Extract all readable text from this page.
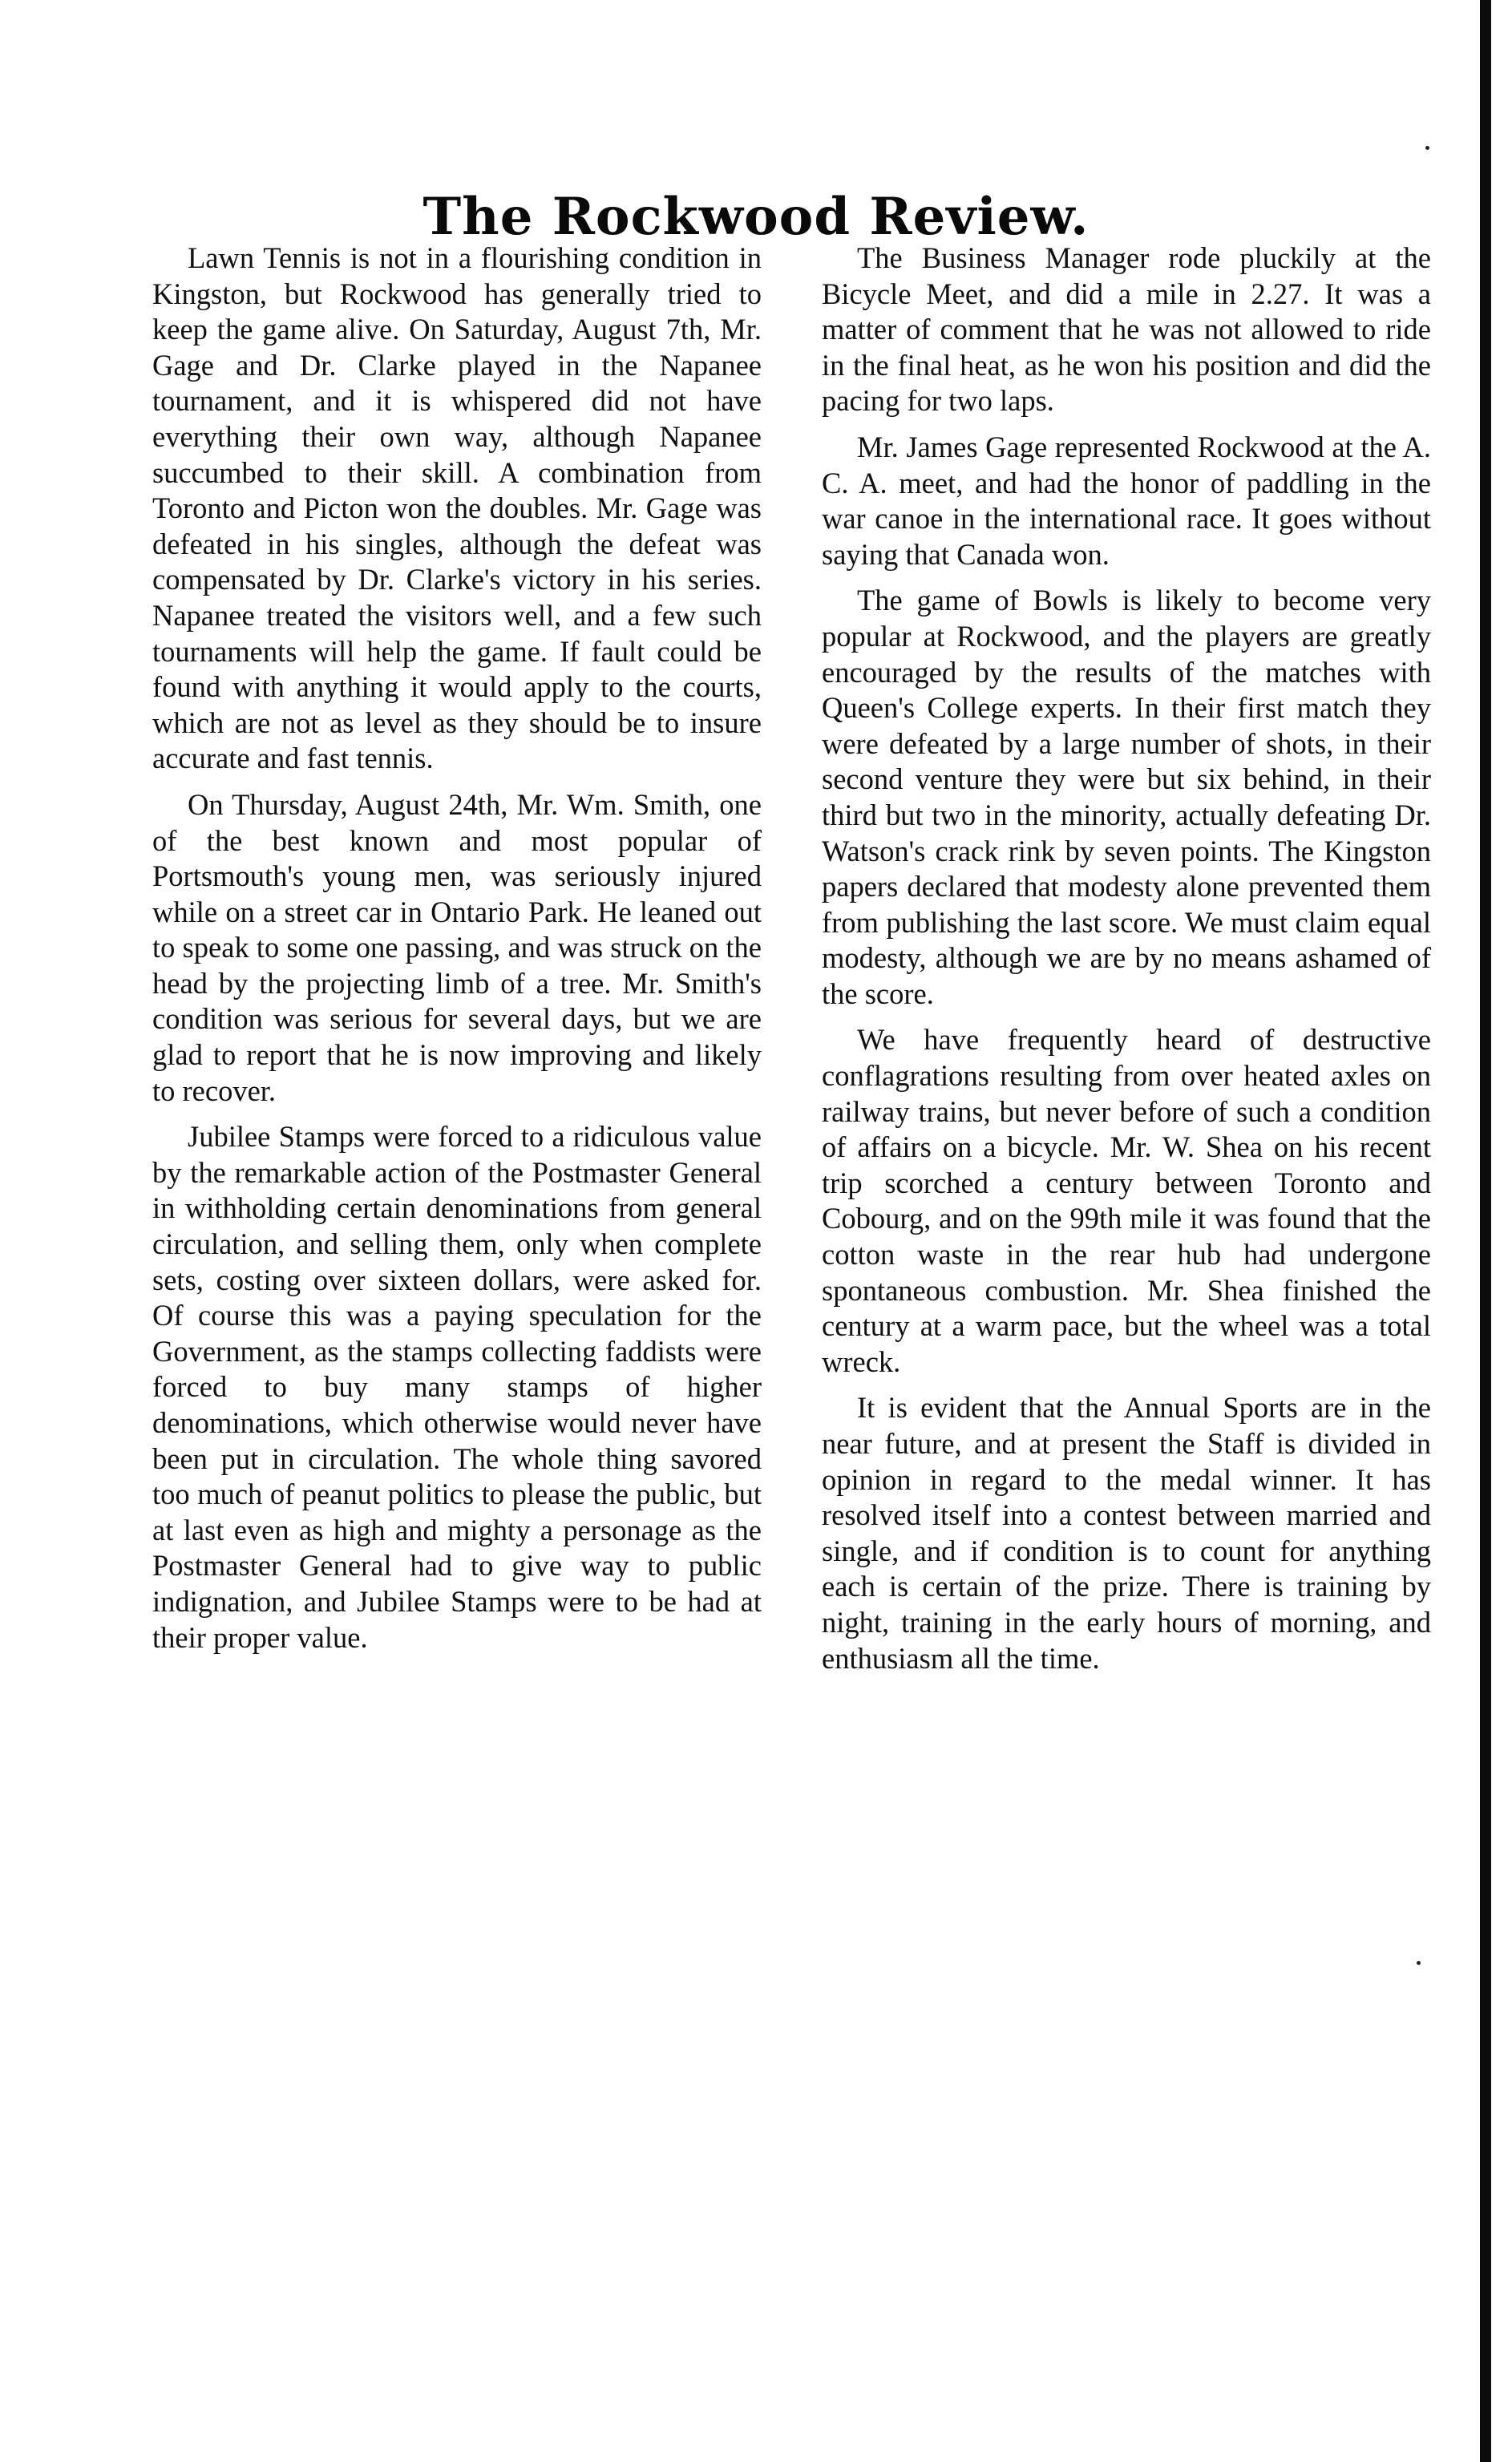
The Rockwood Review.

Lawn Tennis is not in a flourishing condition in Kingston, but Rockwood has generally tried to keep the game alive. On Saturday, August 7th, Mr. Gage and Dr. Clarke played in the Napanee tournament, and it is whispered did not have everything their own way, although Napanee succumbed to their skill. A combination from Toronto and Picton won the doubles. Mr. Gage was defeated in his singles, although the defeat was compensated by Dr. Clarke's victory in his series. Napanee treated the visitors well, and a few such tournaments will help the game. If fault could be found with anything it would apply to the courts, which are not as level as they should be to insure accurate and fast tennis.

On Thursday, August 24th, Mr. Wm. Smith, one of the best known and most popular of Portsmouth's young men, was seriously injured while on a street car in Ontario Park. He leaned out to speak to some one passing, and was struck on the head by the projecting limb of a tree. Mr. Smith's condition was serious for several days, but we are glad to report that he is now improving and likely to recover.

Jubilee Stamps were forced to a ridiculous value by the remarkable action of the Postmaster General in withholding certain denominations from general circulation, and selling them, only when complete sets, costing over sixteen dollars, were asked for. Of course this was a paying speculation for the Government, as the stamps collecting faddists were forced to buy many stamps of higher denominations, which otherwise would never have been put in circulation. The whole thing savored too much of peanut politics to please the public, but at last even as high and mighty a personage as the Postmaster General had to give way to public indignation, and Jubilee Stamps were to be had at their proper value.

The Business Manager rode pluckily at the Bicycle Meet, and did a mile in 2.27. It was a matter of comment that he was not allowed to ride in the final heat, as he won his position and did the pacing for two laps.

Mr. James Gage represented Rockwood at the A. C. A. meet, and had the honor of paddling in the war canoe in the international race. It goes without saying that Canada won.

The game of Bowls is likely to become very popular at Rockwood, and the players are greatly encouraged by the results of the matches with Queen's College experts. In their first match they were defeated by a large number of shots, in their second venture they were but six behind, in their third but two in the minority, actually defeating Dr. Watson's crack rink by seven points. The Kingston papers declared that modesty alone prevented them from publishing the last score. We must claim equal modesty, although we are by no means ashamed of the score.

We have frequently heard of destructive conflagrations resulting from over heated axles on railway trains, but never before of such a condition of affairs on a bicycle. Mr. W. Shea on his recent trip scorched a century between Toronto and Cobourg, and on the 99th mile it was found that the cotton waste in the rear hub had undergone spontaneous combustion. Mr. Shea finished the century at a warm pace, but the wheel was a total wreck.

It is evident that the Annual Sports are in the near future, and at present the Staff is divided in opinion in regard to the medal winner. It has resolved itself into a contest between married and single, and if condition is to count for anything each is certain of the prize. There is training by night, training in the early hours of morning, and enthusiasm all the time.
